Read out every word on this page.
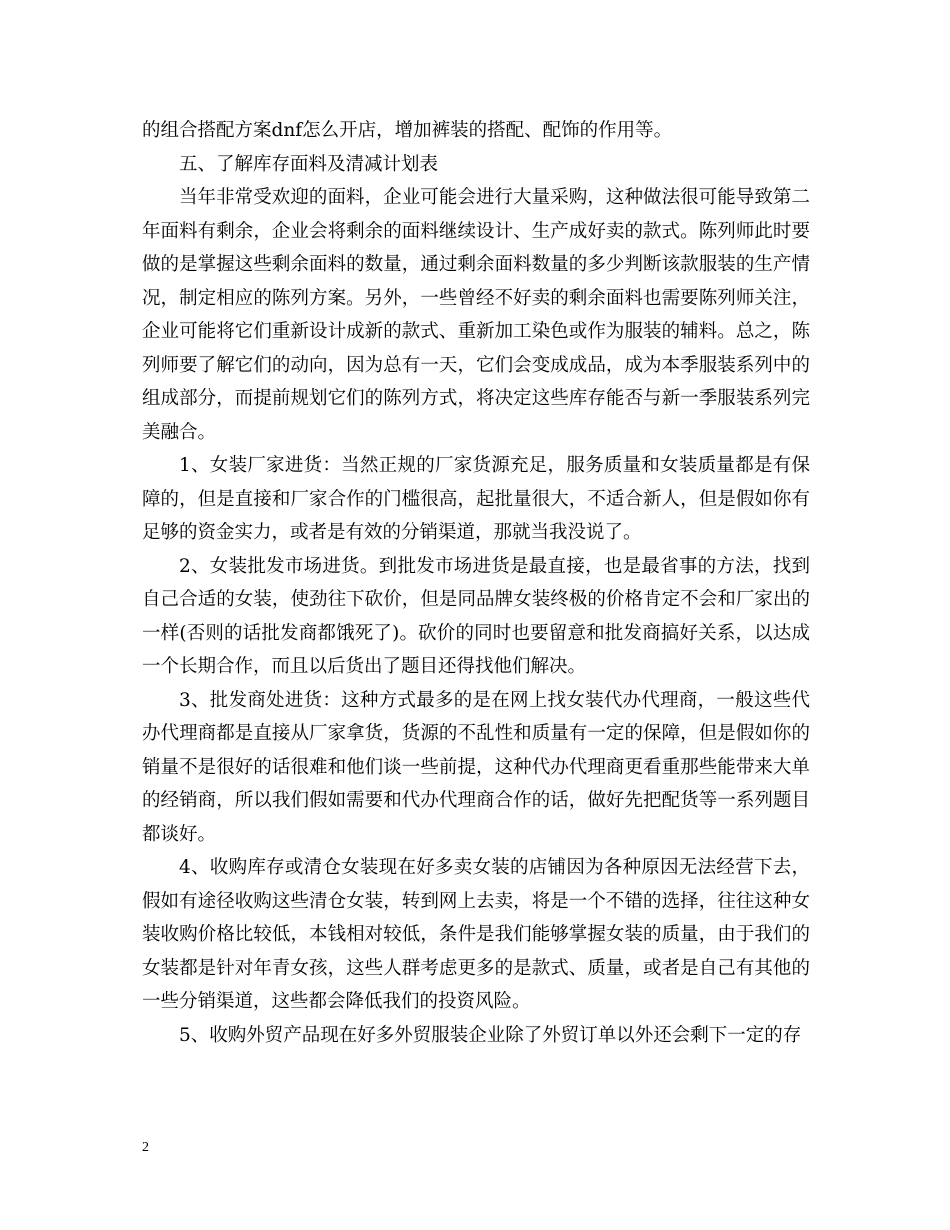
的组合搭配方案dnf怎么开店，增加裤装的搭配、配饰的作用等。

五、了解库存面料及清减计划表

当年非常受欢迎的面料，企业可能会进行大量采购，这种做法很可能导致第二年面料有剩余，企业会将剩余的面料继续设计、生产成好卖的款式。陈列师此时要做的是掌握这些剩余面料的数量，通过剩余面料数量的多少判断该款服装的生产情况，制定相应的陈列方案。另外，一些曾经不好卖的剩余面料也需要陈列师关注，企业可能将它们重新设计成新的款式、重新加工染色或作为服装的辅料。总之，陈列师要了解它们的动向，因为总有一天，它们会变成成品，成为本季服装系列中的组成部分，而提前规划它们的陈列方式，将决定这些库存能否与新一季服装系列完美融合。

1、女装厂家进货：当然正规的厂家货源充足，服务质量和女装质量都是有保障的，但是直接和厂家合作的门槛很高，起批量很大，不适合新人，但是假如你有足够的资金实力，或者是有效的分销渠道，那就当我没说了。

2、女装批发市场进货。到批发市场进货是最直接，也是最省事的方法，找到自己合适的女装，使劲往下砍价，但是同品牌女装终极的价格肯定不会和厂家出的一样(否则的话批发商都饿死了)。砍价的同时也要留意和批发商搞好关系，以达成一个长期合作，而且以后货出了题目还得找他们解决。

3、批发商处进货：这种方式最多的是在网上找女装代办代理商，一般这些代办代理商都是直接从厂家拿货，货源的不乱性和质量有一定的保障，但是假如你的销量不是很好的话很难和他们谈一些前提，这种代办代理商更看重那些能带来大单的经销商，所以我们假如需要和代办代理商合作的话，做好先把配货等一系列题目都谈好。

4、收购库存或清仓女装现在好多卖女装的店铺因为各种原因无法经营下去，假如有途径收购这些清仓女装，转到网上去卖，将是一个不错的选择，往往这种女装收购价格比较低，本钱相对较低，条件是我们能够掌握女装的质量，由于我们的女装都是针对年青女孩，这些人群考虑更多的是款式、质量，或者是自己有其他的一些分销渠道，这些都会降低我们的投资风险。

5、收购外贸产品现在好多外贸服装企业除了外贸订单以外还会剩下一定的存

2
